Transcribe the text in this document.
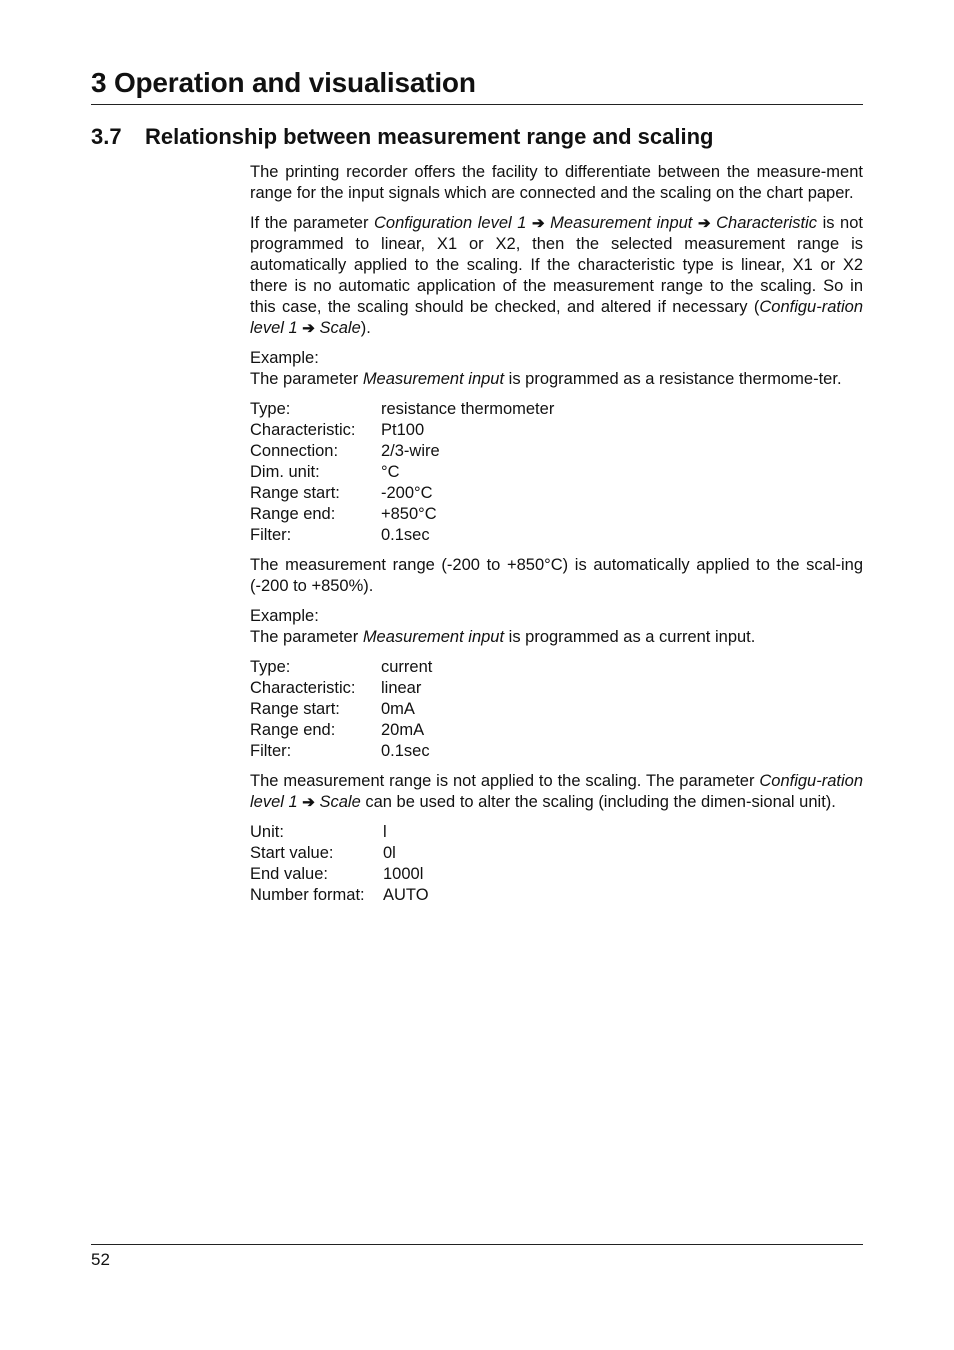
3 Operation and visualisation
3.7 Relationship between measurement range and scaling

The printing recorder offers the facility to differentiate between the measure-ment range for the input signals which are connected and the scaling on the chart paper.

If the parameter Configuration level 1 ➔ Measurement input ➔ Characteristic is not programmed to linear, X1 or X2, then the selected measurement range is automatically applied to the scaling. If the characteristic type is linear, X1 or X2 there is no automatic application of the measurement range to the scaling. So in this case, the scaling should be checked, and altered if necessary (Configu-ration level 1 ➔ Scale).

Example:
The parameter Measurement input is programmed as a resistance thermome-ter.

Type:	resistance thermometer
Characteristic:	Pt100
Connection:	2/3-wire
Dim. unit:	°C
Range start:	-200°C
Range end:	+850°C
Filter:	0.1sec

The measurement range (-200 to +850°C) is automatically applied to the scal-ing (-200 to +850%).

Example:
The parameter Measurement input is programmed as a current input.

Type:	current
Characteristic:	linear
Range start:	0mA
Range end:	20mA
Filter:	0.1sec

The measurement range is not applied to the scaling. The parameter Configu-ration level 1 ➔ Scale can be used to alter the scaling (including the dimen-sional unit).

Unit:	l
Start value:	0l
End value:	1000l
Number format:	AUTO
52
